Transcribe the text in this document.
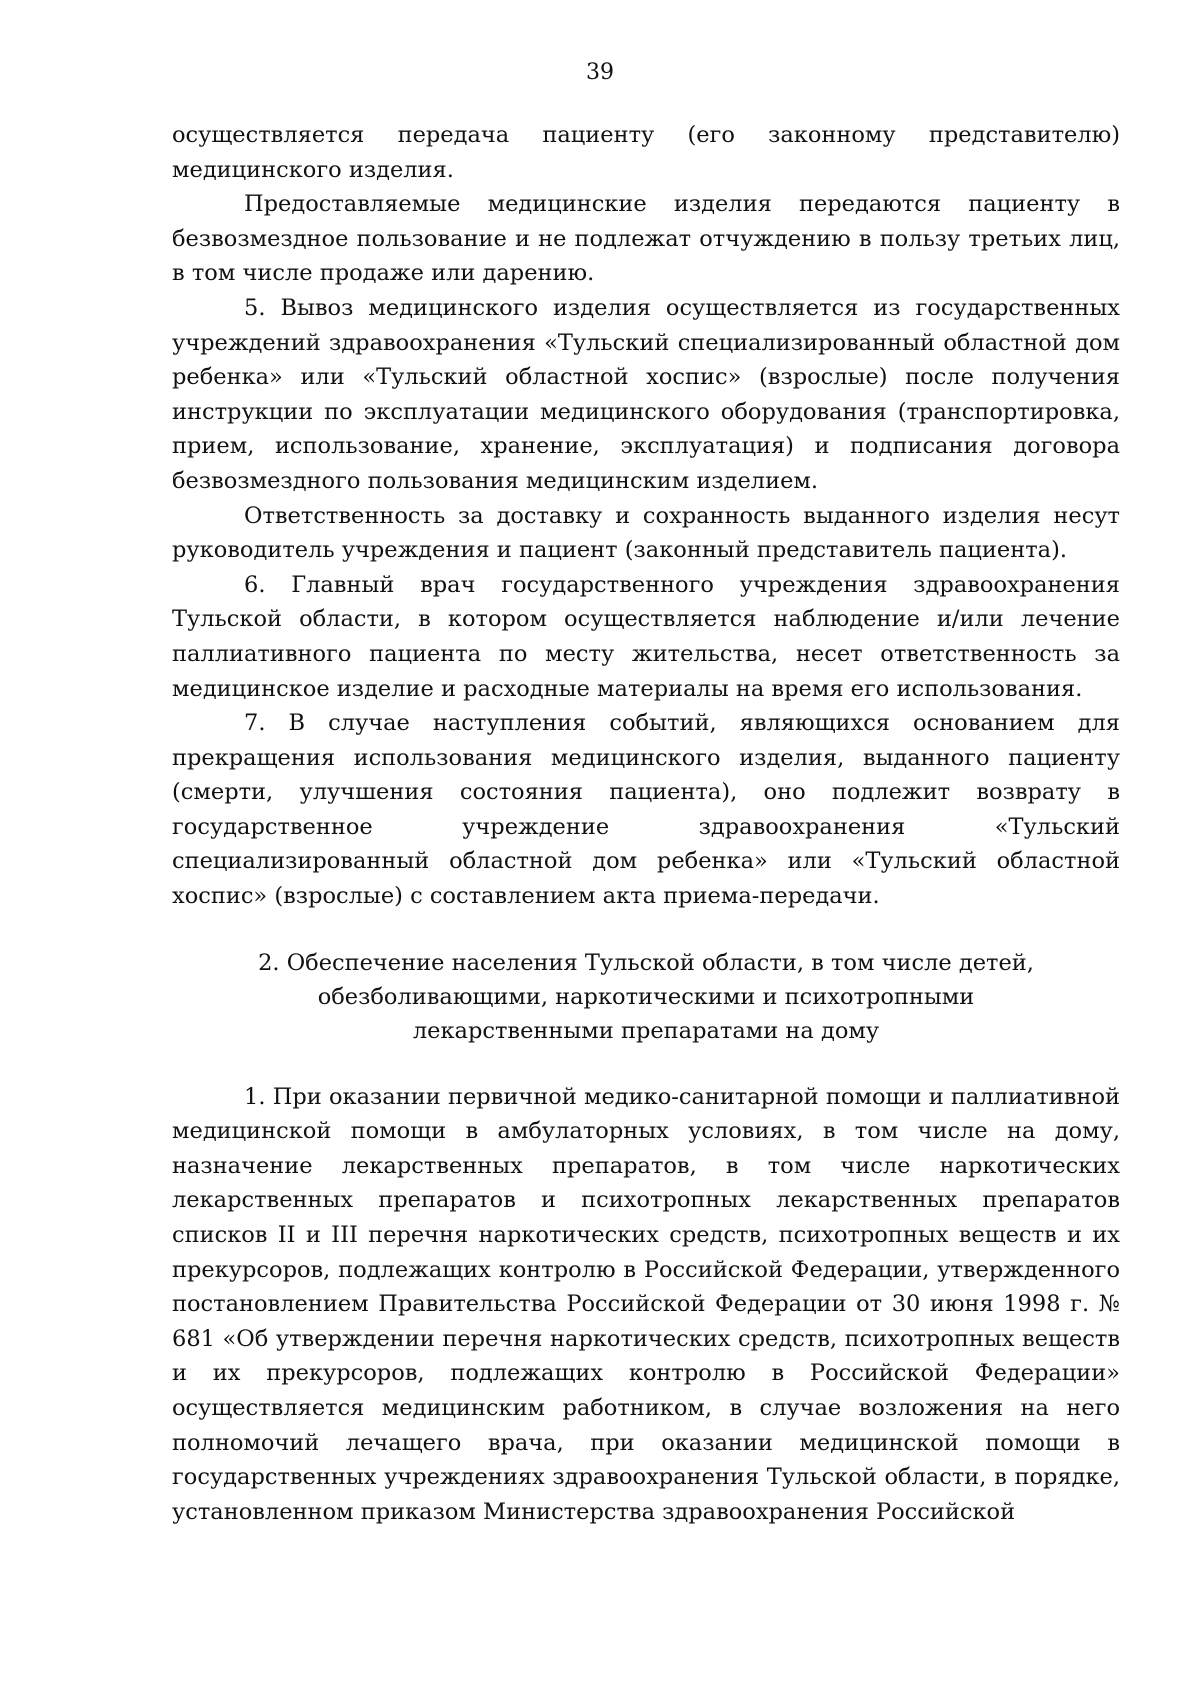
39

осуществляется передача пациенту (его законному представителю) медицинского изделия.

Предоставляемые медицинские изделия передаются пациенту в безвозмездное пользование и не подлежат отчуждению в пользу третьих лиц, в том числе продаже или дарению.

5. Вывоз медицинского изделия осуществляется из государственных учреждений здравоохранения «Тульский специализированный областной дом ребенка» или «Тульский областной хоспис» (взрослые) после получения инструкции по эксплуатации медицинского оборудования (транспортировка, прием, использование, хранение, эксплуатация) и подписания договора безвозмездного пользования медицинским изделием.

Ответственность за доставку и сохранность выданного изделия несут руководитель учреждения и пациент (законный представитель пациента).

6. Главный врач государственного учреждения здравоохранения Тульской области, в котором осуществляется наблюдение и/или лечение паллиативного пациента по месту жительства, несет ответственность за медицинское изделие и расходные материалы на время его использования.

7. В случае наступления событий, являющихся основанием для прекращения использования медицинского изделия, выданного пациенту (смерти, улучшения состояния пациента), оно подлежит возврату в государственное учреждение здравоохранения «Тульский специализированный областной дом ребенка» или «Тульский областной хоспис» (взрослые) с составлением акта приема-передачи.

2. Обеспечение населения Тульской области, в том числе детей,
обезболивающими, наркотическими и психотропными
лекарственными препаратами на дому

1. При оказании первичной медико-санитарной помощи и паллиативной медицинской помощи в амбулаторных условиях, в том числе на дому, назначение лекарственных препаратов, в том числе наркотических лекарственных препаратов и психотропных лекарственных препаратов списков II и III перечня наркотических средств, психотропных веществ и их прекурсоров, подлежащих контролю в Российской Федерации, утвержденного постановлением Правительства Российской Федерации от 30 июня 1998 г. № 681 «Об утверждении перечня наркотических средств, психотропных веществ и их прекурсоров, подлежащих контролю в Российской Федерации» осуществляется медицинским работником, в случае возложения на него полномочий лечащего врача, при оказании медицинской помощи в государственных учреждениях здравоохранения Тульской области, в порядке, установленном приказом Министерства здравоохранения Российской
